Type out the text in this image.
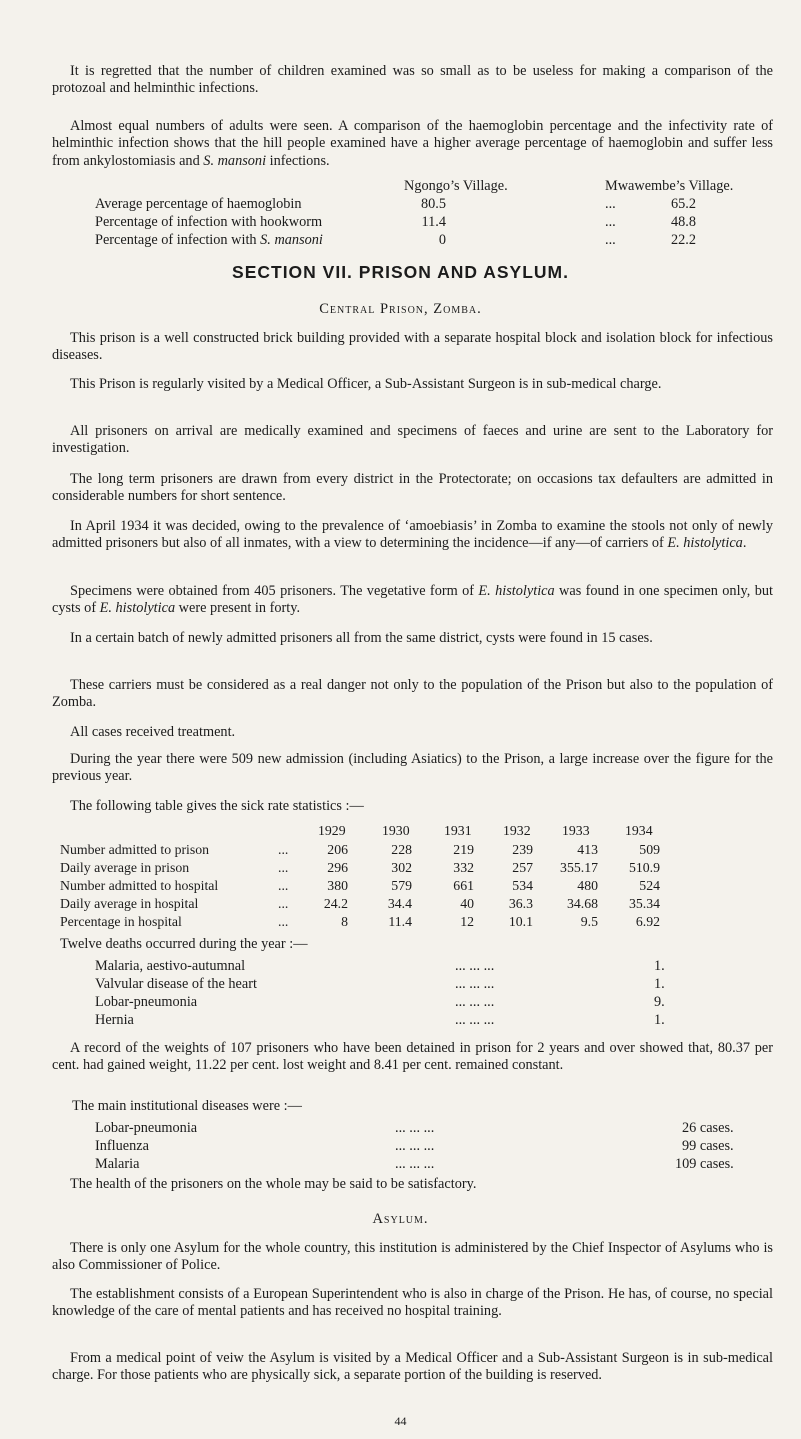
It is regretted that the number of children examined was so small as to be useless for making a comparison of the protozoal and helminthic infections.

Almost equal numbers of adults were seen. A comparison of the haemoglobin percentage and the infectivity rate of helminthic infection shows that the hill people examined have a higher average percentage of haemoglobin and suffer less from ankylostomiasis and S. mansoni infections.

Ngongo’s Village.	Mwawembe’s Village.
Average percentage of haemoglobin	80.5	...	65.2
Percentage of infection with hookworm	11.4	...	48.8
Percentage of infection with S. mansoni	0	...	22.2

SECTION VII. PRISON AND ASYLUM.

Central Prison, Zomba.

This prison is a well constructed brick building provided with a separate hospital block and isolation block for infectious diseases.

This Prison is regularly visited by a Medical Officer, a Sub-Assistant Surgeon is in sub-medical charge.

All prisoners on arrival are medically examined and specimens of faeces and urine are sent to the Laboratory for investigation.

The long term prisoners are drawn from every district in the Protectorate; on occasions tax defaulters are admitted in considerable numbers for short sentence.

In April 1934 it was decided, owing to the prevalence of ‘amoebiasis’ in Zomba to examine the stools not only of newly admitted prisoners but also of all inmates, with a view to determining the incidence—if any—of carriers of E. histolytica.

Specimens were obtained from 405 prisoners. The vegetative form of E. histolytica was found in one specimen only, but cysts of E. histolytica were present in forty.

In a certain batch of newly admitted prisoners all from the same district, cysts were found in 15 cases.

These carriers must be considered as a real danger not only to the population of the Prison but also to the population of Zomba.

All cases received treatment.

During the year there were 509 new admission (including Asiatics) to the Prison, a large increase over the figure for the previous year.

The following table gives the sick rate statistics :—

1929	1930 1931 1932 1933	1934
Number admitted to prison	...	206	228	219	239	413	509
Daily average in prison	...	296	302	332	257	355.17	510.9
Number admitted to hospital	...	380	579	661	534	480	524
Daily average in hospital	...	24.2	34.4	40	36.3	34.68	35.34
Percentage in hospital	...	8	11.4	12	10.1	9.5	6.92
Twelve deaths occurred during the year :—
Malaria, aestivo-autumnal	... ... ...	1.
Valvular disease of the heart	... ... ...	1.
Lobar-pneumonia	... ... ...	9.
Hernia	... ... ...	1.

A record of the weights of 107 prisoners who have been detained in prison for 2 years and over showed that, 80.37 per cent. had gained weight, 11.22 per cent. lost weight and 8.41 per cent. remained constant.

The main institutional diseases were :—
Lobar-pneumonia	... ... ...	26 cases.
Influenza	... ... ...	99 cases.
Malaria	... ... ...	109 cases.

The health of the prisoners on the whole may be said to be satisfactory.

Asylum.

There is only one Asylum for the whole country, this institution is administered by the Chief Inspector of Asylums who is also Commissioner of Police.

The establishment consists of a European Superintendent who is also in charge of the Prison. He has, of course, no special knowledge of the care of mental patients and has received no hospital training.

From a medical point of veiw the Asylum is visited by a Medical Officer and a Sub-Assistant Surgeon is in sub-medical charge. For those patients who are physically sick, a separate portion of the building is reserved.

44
